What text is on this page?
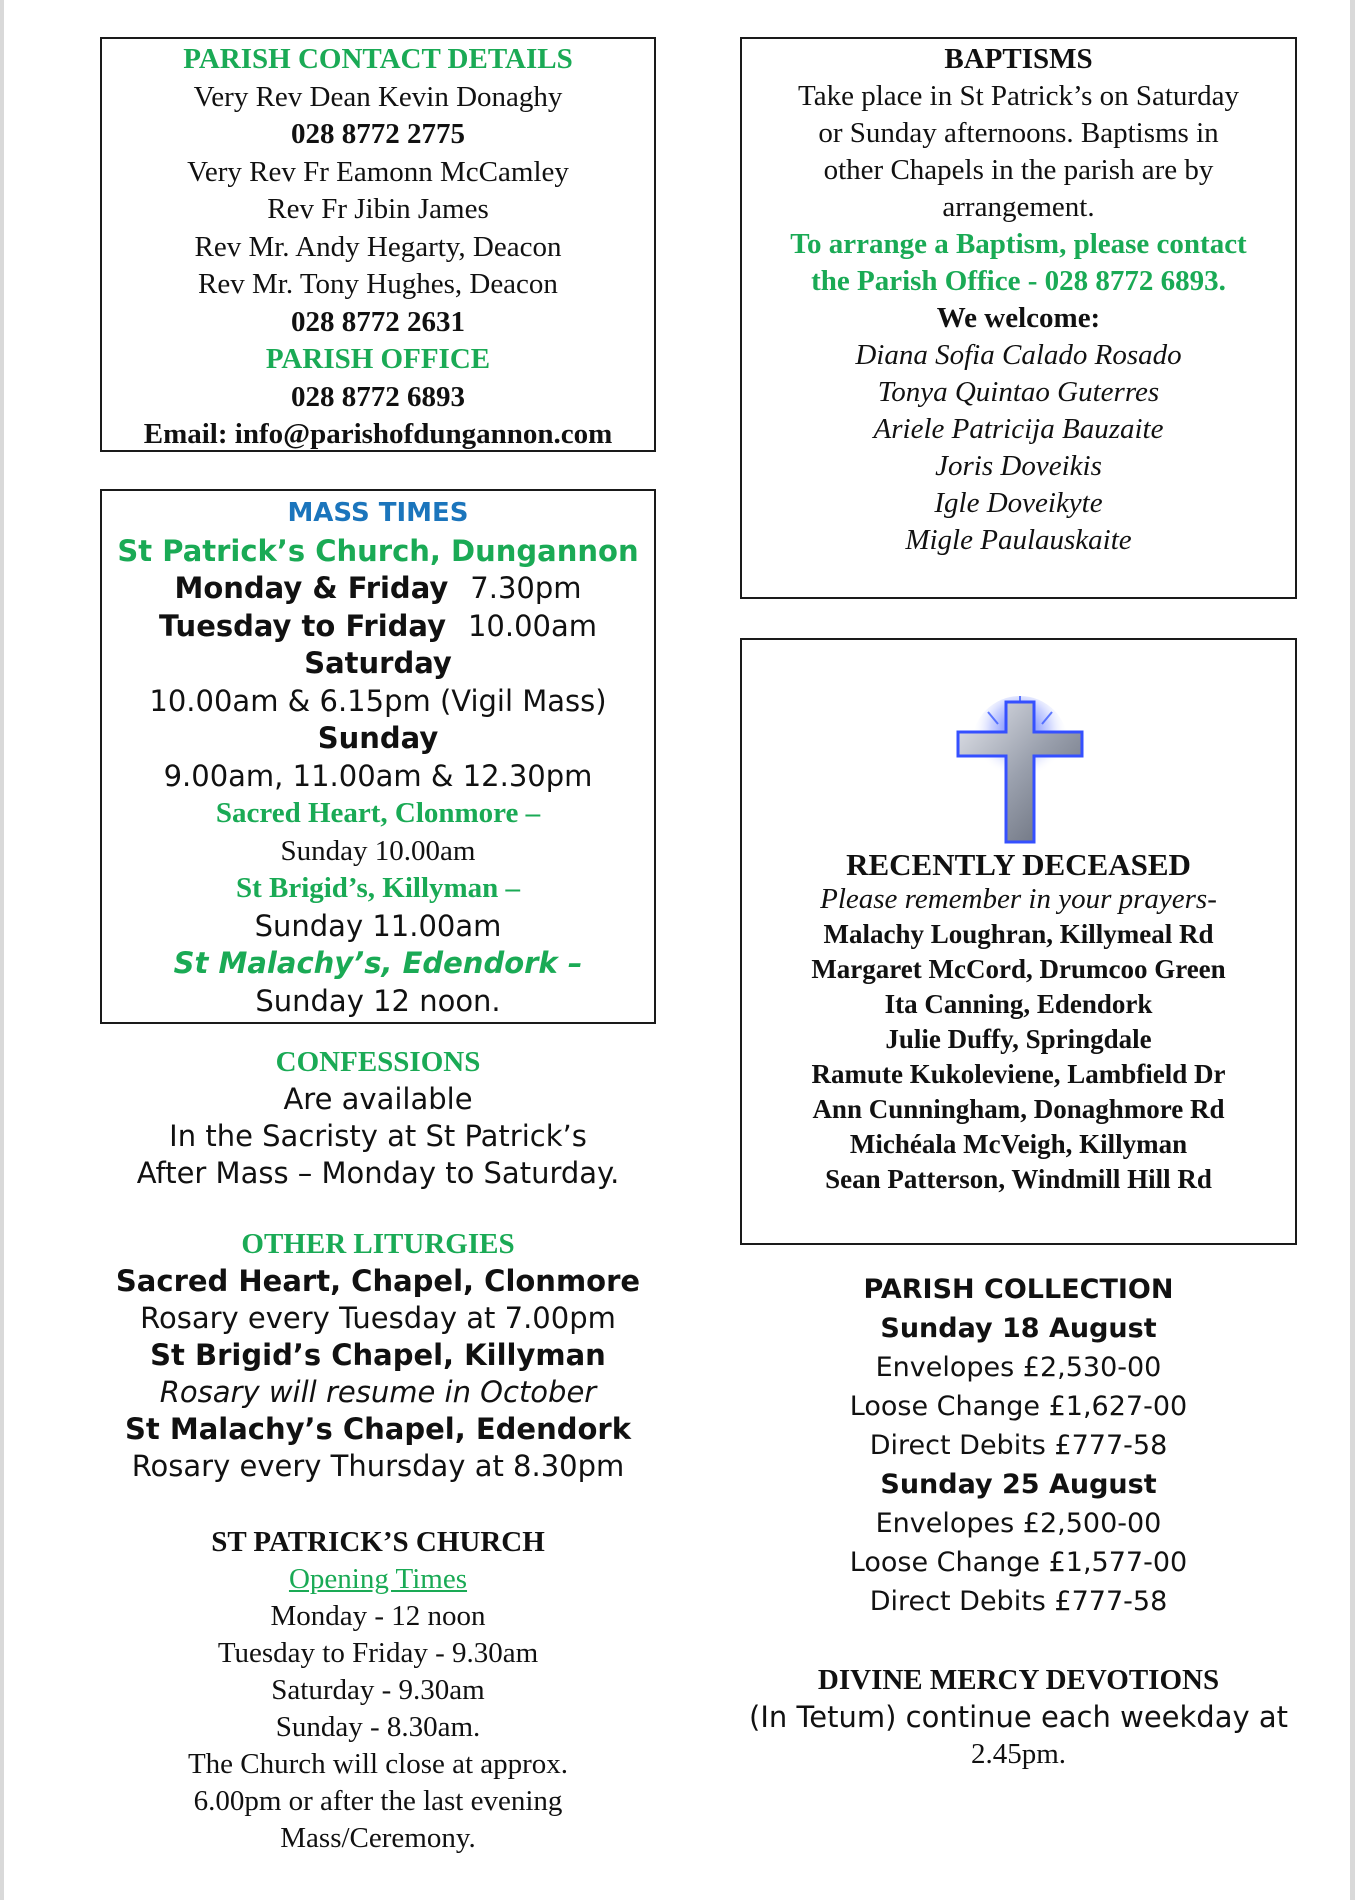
PARISH CONTACT DETAILS
Very Rev Dean Kevin Donaghy
028 8772 2775
Very Rev Fr Eamonn McCamley
Rev Fr Jibin James
Rev Mr. Andy Hegarty, Deacon
Rev Mr. Tony Hughes, Deacon
028 8772 2631
PARISH OFFICE
028 8772 6893
Email: info@parishofdungannon.com
MASS TIMES
St Patrick’s Church, Dungannon
Monday & Friday 7.30pm
Tuesday to Friday 10.00am
Saturday
10.00am & 6.15pm (Vigil Mass)
Sunday
9.00am, 11.00am & 12.30pm
Sacred Heart, Clonmore –
Sunday 10.00am
St Brigid’s, Killyman –
Sunday 11.00am
St Malachy’s, Edendork –
Sunday 12 noon.
CONFESSIONS
Are available
In the Sacristy at St Patrick’s
After Mass – Monday to Saturday.
OTHER LITURGIES
Sacred Heart, Chapel, Clonmore
Rosary every Tuesday at 7.00pm
St Brigid’s Chapel, Killyman
Rosary will resume in October
St Malachy’s Chapel, Edendork
Rosary every Thursday at 8.30pm
ST PATRICK’S CHURCH
Opening Times
Monday - 12 noon
Tuesday to Friday - 9.30am
Saturday - 9.30am
Sunday - 8.30am.
The Church will close at approx.
6.00pm or after the last evening
Mass/Ceremony.
BAPTISMS
Take place in St Patrick’s on Saturday
or Sunday afternoons. Baptisms in
other Chapels in the parish are by
arrangement.
To arrange a Baptism, please contact
the Parish Office - 028 8772 6893.
We welcome:
Diana Sofia Calado Rosado
Tonya Quintao Guterres
Ariele Patricija Bauzaite
Joris Doveikis
Igle Doveikyte
Migle Paulauskaite
RECENTLY DECEASED
Please remember in your prayers-
Malachy Loughran, Killymeal Rd
Margaret McCord, Drumcoo Green
Ita Canning, Edendork
Julie Duffy, Springdale
Ramute Kukoleviene, Lambfield Dr
Ann Cunningham, Donaghmore Rd
Michéala McVeigh, Killyman
Sean Patterson, Windmill Hill Rd
PARISH COLLECTION
Sunday 18 August
Envelopes £2,530-00
Loose Change £1,627-00
Direct Debits £777-58
Sunday 25 August
Envelopes £2,500-00
Loose Change £1,577-00
Direct Debits £777-58
DIVINE MERCY DEVOTIONS
(In Tetum) continue each weekday at
2.45pm.
